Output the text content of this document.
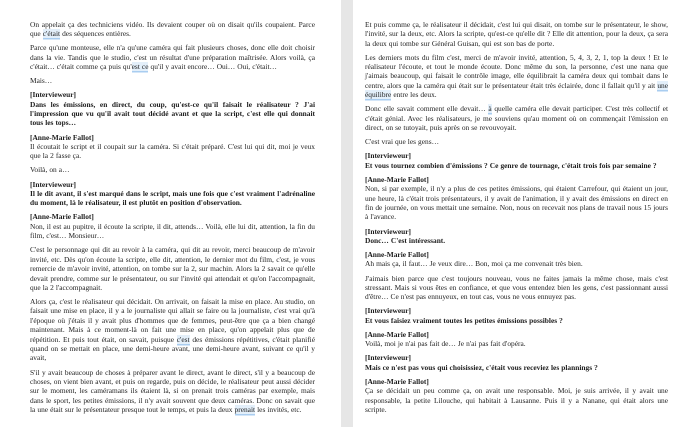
On appelait ça des techniciens vidéo. Ils devaient couper où on disait qu'ils coupaient. Parce que c'était des séquences entières.

Parce qu'une monteuse, elle n'a qu'une caméra qui fait plusieurs choses, donc elle doit choisir dans la vie. Tandis que le studio, c'est un résultat d'une préparation maîtrisée. Alors voilà, ça c'était… c'était comme ça puis qu'est ce qu'il y avait encore… Oui… Oui, c'était…

Mais…

[Intervieweur]

Dans les émissions, en direct, du coup, qu'est-ce qu'il faisait le réalisateur ? J'ai l'impression que vu qu'il avait tout décidé avant et que la script, c'est elle qui donnait tous les tops…

[Anne-Marie Fallot]

Il écoutait le script et il coupait sur la caméra. Si c'était préparé. C'est lui qui dit, moi je veux que la 2 fasse ça.

Voilà, on a…

[Intervieweur]

Il le dit avant, il s'est marqué dans le script, mais une fois que c'est vraiment l'adrénaline du moment, là le réalisateur, il est plutôt en position d'observation.

[Anne-Marie Fallot]

Non, il est au pupitre, il écoute la scripte, il dit, attends… Voilà, elle lui dit, attention, la fin du film, c'est… Monsieur…

C'est le personnage qui dit au revoir à la caméra, qui dit au revoir, merci beaucoup de m'avoir invité, etc. Dès qu'on écoute la scripte, elle dit, attention, le dernier mot du film, c'est, je vous remercie de m'avoir invité, attention, on tombe sur la 2, sur machin. Alors la 2 savait ce qu'elle devait prendre, comme sur le présentateur, ou sur l'invité qui attendait et qu'on l'accompagnait, que la 2 l'accompagnait.

Alors ça, c'est le réalisateur qui décidait. On arrivait, on faisait la mise en place. Au studio, on faisait une mise en place, il y a le journaliste qui allait se faire ou la journaliste, c'est vrai qu'à l'époque où j'étais il y avait plus d'hommes que de femmes, peut-être que ça a bien changé maintenant. Mais à ce moment-là on fait une mise en place, qu'on appelait plus que de répétition. Et puis tout était, on savait, puisque c'est des émissions répétitives, c'était planifié quand on se mettait en place, une demi-heure avant, une demi-heure avant, suivant ce qu'il y avait,

S'il y avait beaucoup de choses à préparer avant le direct, avant le direct, s'il y a beaucoup de choses, on vient bien avant, et puis on regarde, puis on décide, le réalisateur peut aussi décider sur le moment, les caméramans ils étaient là, si on prenait trois caméras par exemple, mais dans le sport, les petites émissions, il n'y avait souvent que deux caméras. Donc on savait que la une était sur le présentateur presque tout le temps, et puis la deux prenait les invités, etc.

Et puis comme ça, le réalisateur il décidait, c'est lui qui disait, on tombe sur le présentateur, le show, l'invité, sur la deux, etc. Alors la scripte, qu'est-ce qu'elle dit ? Elle dit attention, pour la deux, ça sera la deux qui tombe sur Général Guisan, qui est son bas de porte.

Les derniers mots du film c'est, merci de m'avoir invité, attention, 5, 4, 3, 2, 1, top la deux ! Et le réalisateur l'écoute, et tout le monde écoute. Donc même du son, la personne, c'est une nana que j'aimais beaucoup, qui faisait le contrôle image, elle équilibrait la caméra deux qui tombait dans le centre, alors que la caméra qui était sur le présentateur était très éclairée, donc il fallait qu'il y ait une équilibre entre les deux.

Donc elle savait comment elle devait… à quelle caméra elle devait participer. C'est très collectif et c'était génial. Avec les réalisateurs, je me souviens qu'au moment où on commençait l'émission en direct, on se tutoyait, puis après on se revouvoyait.

C'est vrai que les gens…

[Intervieweur]

Et vous tournez combien d'émissions ? Ce genre de tournage, c'était trois fois par semaine ?

[Anne-Marie Fallot]

Non, si par exemple, il n'y a plus de ces petites émissions, qui étaient Carrefour, qui étaient un jour, une heure, là c'était trois présentateurs, il y avait de l'animation, il y avait des émissions en direct en fin de journée, on vous mettait une semaine. Non, nous on recevait nos plans de travail nous 15 jours à l'avance.

[Intervieweur]

Donc… C'est intéressant.

[Anne-Marie Fallot]

Ah mais ça, il faut… Je veux dire… Bon, moi ça me convenait très bien.

J'aimais bien parce que c'est toujours nouveau, vous ne faites jamais la même chose, mais c'est stressant. Mais si vous êtes en confiance, et que vous entendez bien les gens, c'est passionnant aussi d'être… Ce n'est pas ennuyeux, en tout cas, vous ne vous ennuyez pas.

[Intervieweur]

Et vous faisiez vraiment toutes les petites émissions possibles ?

[Anne-Marie Fallot]

Voilà, moi je n'ai pas fait de… Je n'ai pas fait d'opéra.

[Intervieweur]

Mais ce n'est pas vous qui choisissiez, c'était vous receviez les plannings ?

[Anne-Marie Fallot]

Ça se décidait un peu comme ça, on avait une responsable. Moi, je suis arrivée, il y avait une responsable, la petite Lilouche, qui habitait à Lausanne. Puis il y a Nanane, qui était alors une scripte.
